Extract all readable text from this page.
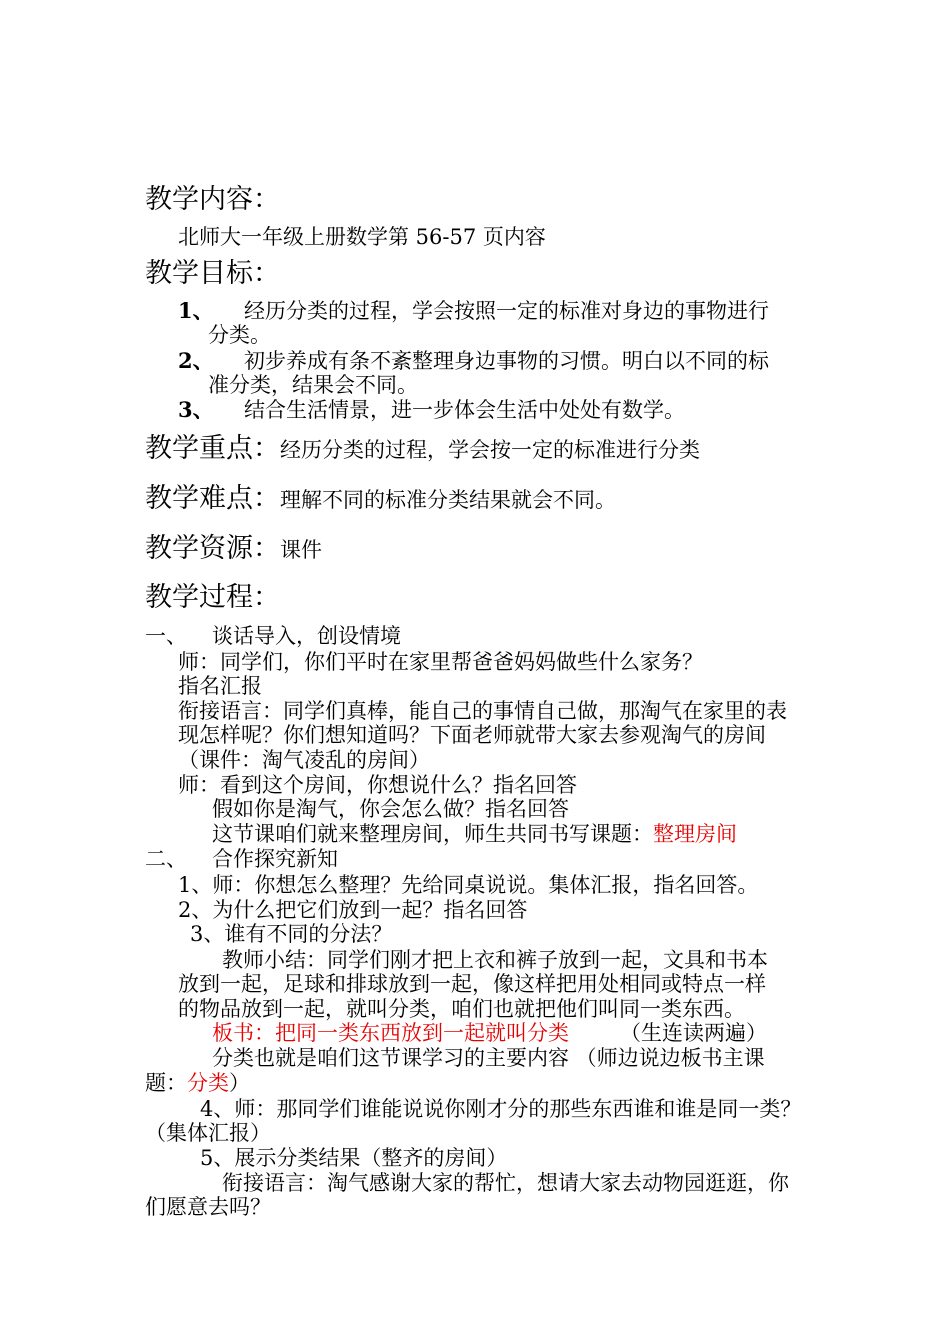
教学内容：
北师大一年级上册数学第 56-57 页内容
教学目标：
1、 经历分类的过程，学会按照一定的标准对身边的事物进行
分类。
2、 初步养成有条不紊整理身边事物的习惯。明白以不同的标
准分类，结果会不同。
3、 结合生活情景，进一步体会生活中处处有数学。
教学重点：经历分类的过程，学会按一定的标准进行分类
教学难点：理解不同的标准分类结果就会不同。
教学资源：课件
教学过程：
一、 谈话导入，创设情境
师：同学们，你们平时在家里帮爸爸妈妈做些什么家务？
指名汇报
衔接语言：同学们真棒，能自己的事情自己做，那淘气在家里的表
现怎样呢？你们想知道吗？下面老师就带大家去参观淘气的房间
（课件：淘气凌乱的房间）
师：看到这个房间，你想说什么？指名回答
假如你是淘气，你会怎么做？指名回答
这节课咱们就来整理房间，师生共同书写课题：整理房间
二、 合作探究新知
1、师：你想怎么整理？先给同桌说说。集体汇报，指名回答。
2、为什么把它们放到一起？指名回答
3、谁有不同的分法？
教师小结：同学们刚才把上衣和裤子放到一起，文具和书本
放到一起，足球和排球放到一起，像这样把用处相同或特点一样
的物品放到一起，就叫分类，咱们也就把他们叫同一类东西。
板书：把同一类东西放到一起就叫分类 （生连读两遍）
分类也就是咱们这节课学习的主要内容 （师边说边板书主课
题：分类）
4、师：那同学们谁能说说你刚才分的那些东西谁和谁是同一类？
（集体汇报）
5、展示分类结果（整齐的房间）
衔接语言：淘气感谢大家的帮忙，想请大家去动物园逛逛，你
们愿意去吗？
